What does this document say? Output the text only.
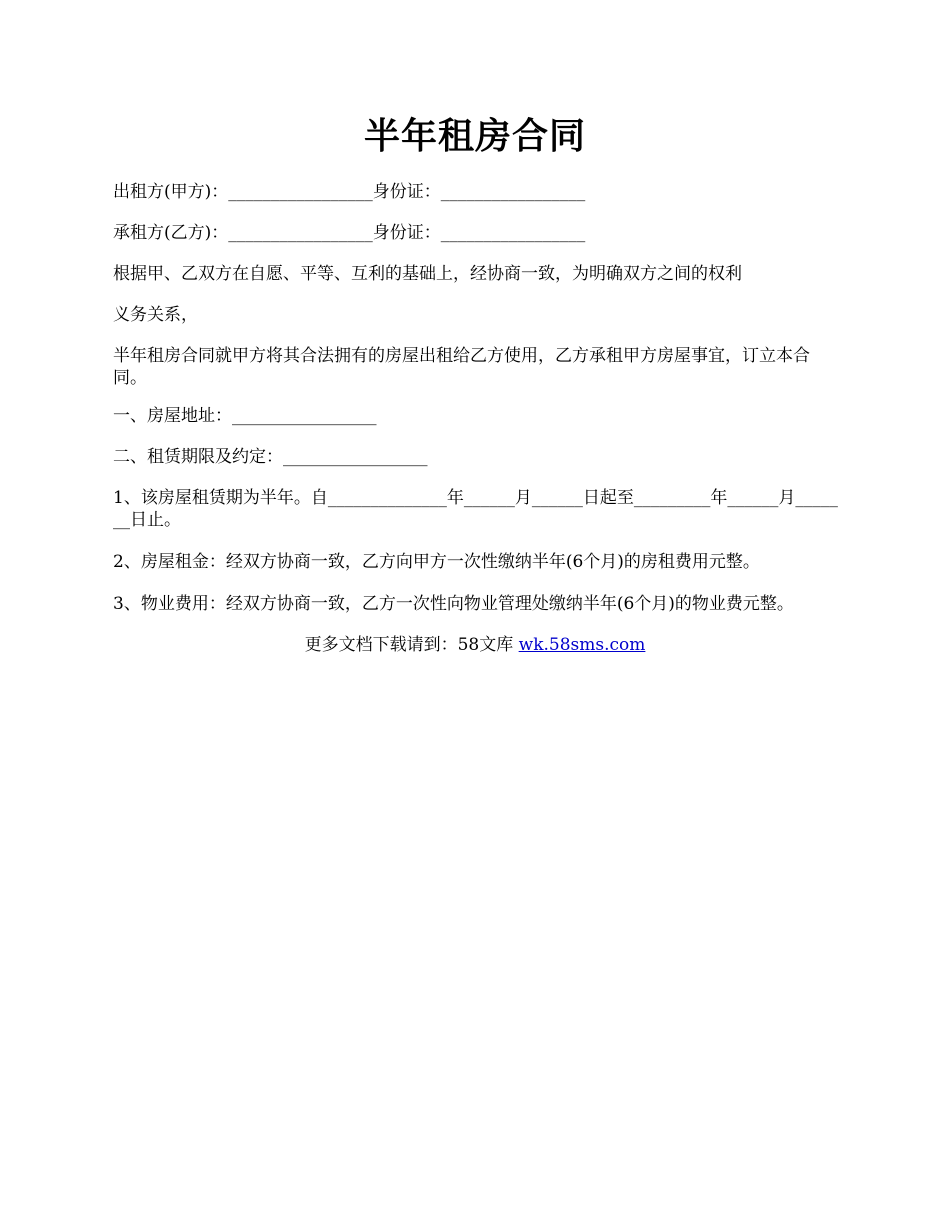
半年租房合同
出租方(甲方)：_________________身份证：_________________
承租方(乙方)：_________________身份证：_________________
根据甲、乙双方在自愿、平等、互利的基础上，经协商一致，为明确双方之间的权利
义务关系，
半年租房合同就甲方将其合法拥有的房屋出租给乙方使用，乙方承租甲方房屋事宜，订立本合同。
一、房屋地址：_________________
二、租赁期限及约定：_________________
1、该房屋租赁期为半年。自______________年______月______日起至_________年______月_______日止。
2、房屋租金：经双方协商一致，乙方向甲方一次性缴纳半年(6个月)的房租费用元整。
3、物业费用：经双方协商一致，乙方一次性向物业管理处缴纳半年(6个月)的物业费元整。
更多文档下载请到：58文库 wk.58sms.com
